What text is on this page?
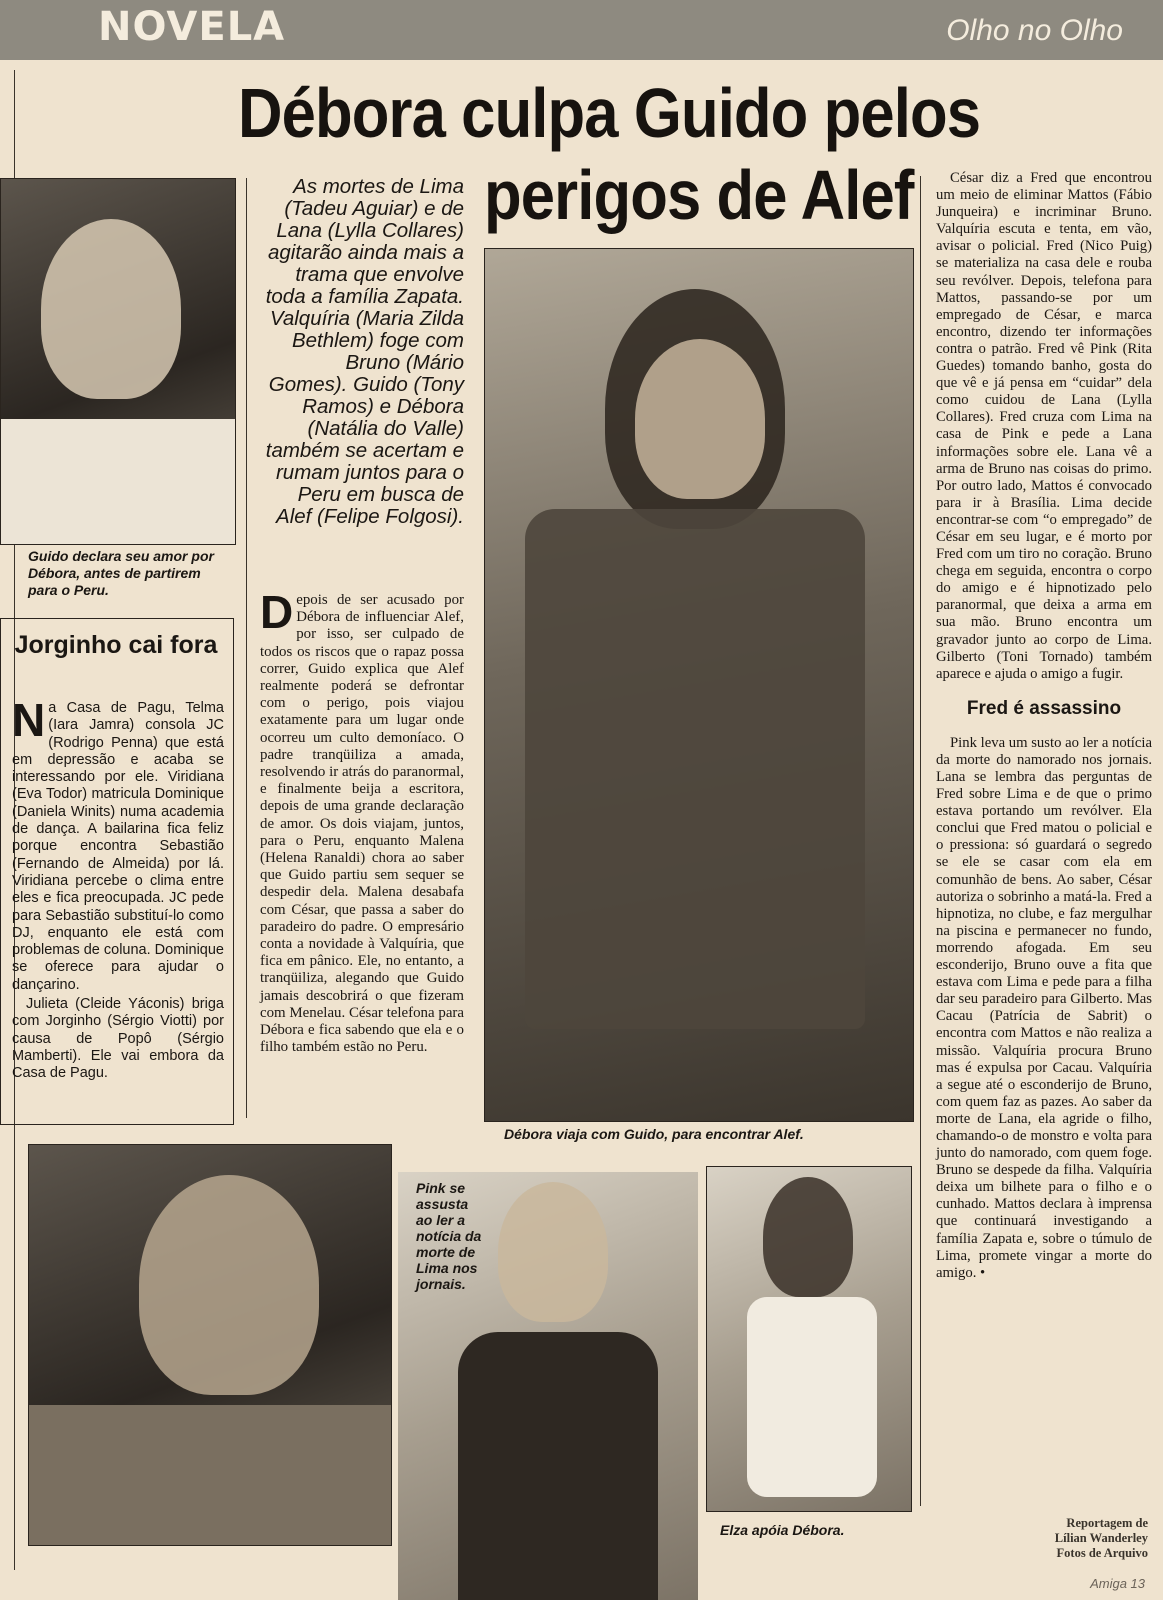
NOVELA	Olho no Olho
Débora culpa Guido pelos
perigos de Alef
Guido declara seu amor por Débora, antes de partirem para o Peru.
Jorginho cai fora

Na Casa de Pagu, Telma (Iara Jamra) consola JC (Rodrigo Penna) que está em depressão e acaba se interessando por ele. Viridiana (Eva Todor) matricula Dominique (Daniela Winits) numa academia de dança. A bailarina fica feliz porque encontra Sebastião (Fernando de Almeida) por lá. Viridiana percebe o clima entre eles e fica preocupada. JC pede para Sebastião substituí-lo como DJ, enquanto ele está com problemas de coluna. Dominique se oferece para ajudar o dançarino.

Julieta (Cleide Yáconis) briga com Jorginho (Sérgio Viotti) por causa de Popô (Sérgio Mamberti). Ele vai embora da Casa de Pagu.

As mortes de Lima (Tadeu Aguiar) e de Lana (Lylla Collares) agitarão ainda mais a trama que envolve toda a família Zapata. Valquíria (Maria Zilda Bethlem) foge com Bruno (Mário Gomes). Guido (Tony Ramos) e Débora (Natália do Valle) também se acertam e rumam juntos para o Peru em busca de Alef (Felipe Folgosi).

Depois de ser acusado por Débora de influenciar Alef, por isso, ser culpado de todos os riscos que o rapaz possa correr, Guido explica que Alef realmente poderá se defrontar com o perigo, pois viajou exatamente para um lugar onde ocorreu um culto demoníaco. O padre tranqüiliza a amada, resolvendo ir atrás do paranormal, e finalmente beija a escritora, depois de uma grande declaração de amor. Os dois viajam, juntos, para o Peru, enquanto Malena (Helena Ranaldi) chora ao saber que Guido partiu sem sequer se despedir dela. Malena desabafa com César, que passa a saber do paradeiro do padre. O empresário conta a novidade à Valquíria, que fica em pânico. Ele, no entanto, a tranqüiliza, alegando que Guido jamais descobrirá o que fizeram com Menelau. César telefona para Débora e fica sabendo que ela e o filho também estão no Peru.

Débora viaja com Guido, para encontrar Alef.

César diz a Fred que encontrou um meio de eliminar Mattos (Fábio Junqueira) e incriminar Bruno. Valquíria escuta e tenta, em vão, avisar o policial. Fred (Nico Puig) se materializa na casa dele e rouba seu revólver. Depois, telefona para Mattos, passando-se por um empregado de César, e marca encontro, dizendo ter informações contra o patrão. Fred vê Pink (Rita Guedes) tomando banho, gosta do que vê e já pensa em “cuidar” dela como cuidou de Lana (Lylla Collares). Fred cruza com Lima na casa de Pink e pede a Lana informações sobre ele. Lana vê a arma de Bruno nas coisas do primo. Por outro lado, Mattos é convocado para ir à Brasília. Lima decide encontrar-se com “o empregado” de César em seu lugar, e é morto por Fred com um tiro no coração. Bruno chega em seguida, encontra o corpo do amigo e é hipnotizado pelo paranormal, que deixa a arma em sua mão. Bruno encontra um gravador junto ao corpo de Lima. Gilberto (Toni Tornado) também aparece e ajuda o amigo a fugir.

Fred é assassino

Pink leva um susto ao ler a notícia da morte do namorado nos jornais. Lana se lembra das perguntas de Fred sobre Lima e de que o primo estava portando um revólver. Ela conclui que Fred matou o policial e o pressiona: só guardará o segredo se ele se casar com ela em comunhão de bens. Ao saber, César autoriza o sobrinho a matá-la. Fred a hipnotiza, no clube, e faz mergulhar na piscina e permanecer no fundo, morrendo afogada. Em seu esconderijo, Bruno ouve a fita que estava com Lima e pede para a filha dar seu paradeiro para Gilberto. Mas Cacau (Patrícia de Sabrit) o encontra com Mattos e não realiza a missão. Valquíria procura Bruno mas é expulsa por Cacau. Valquíria a segue até o esconderijo de Bruno, com quem faz as pazes. Ao saber da morte de Lana, ela agride o filho, chamando-o de monstro e volta para junto do namorado, com quem foge. Bruno se despede da filha. Valquíria deixa um bilhete para o filho e o cunhado. Mattos declara à imprensa que continuará investigando a família Zapata e, sobre o túmulo de Lima, promete vingar a morte do amigo. •

Reportagem de
Lílian Wanderley
Fotos de Arquivo
Pink se assusta ao ler a notícia da morte de Lima nos jornais.
Elza apóia Débora.
Amiga 13
